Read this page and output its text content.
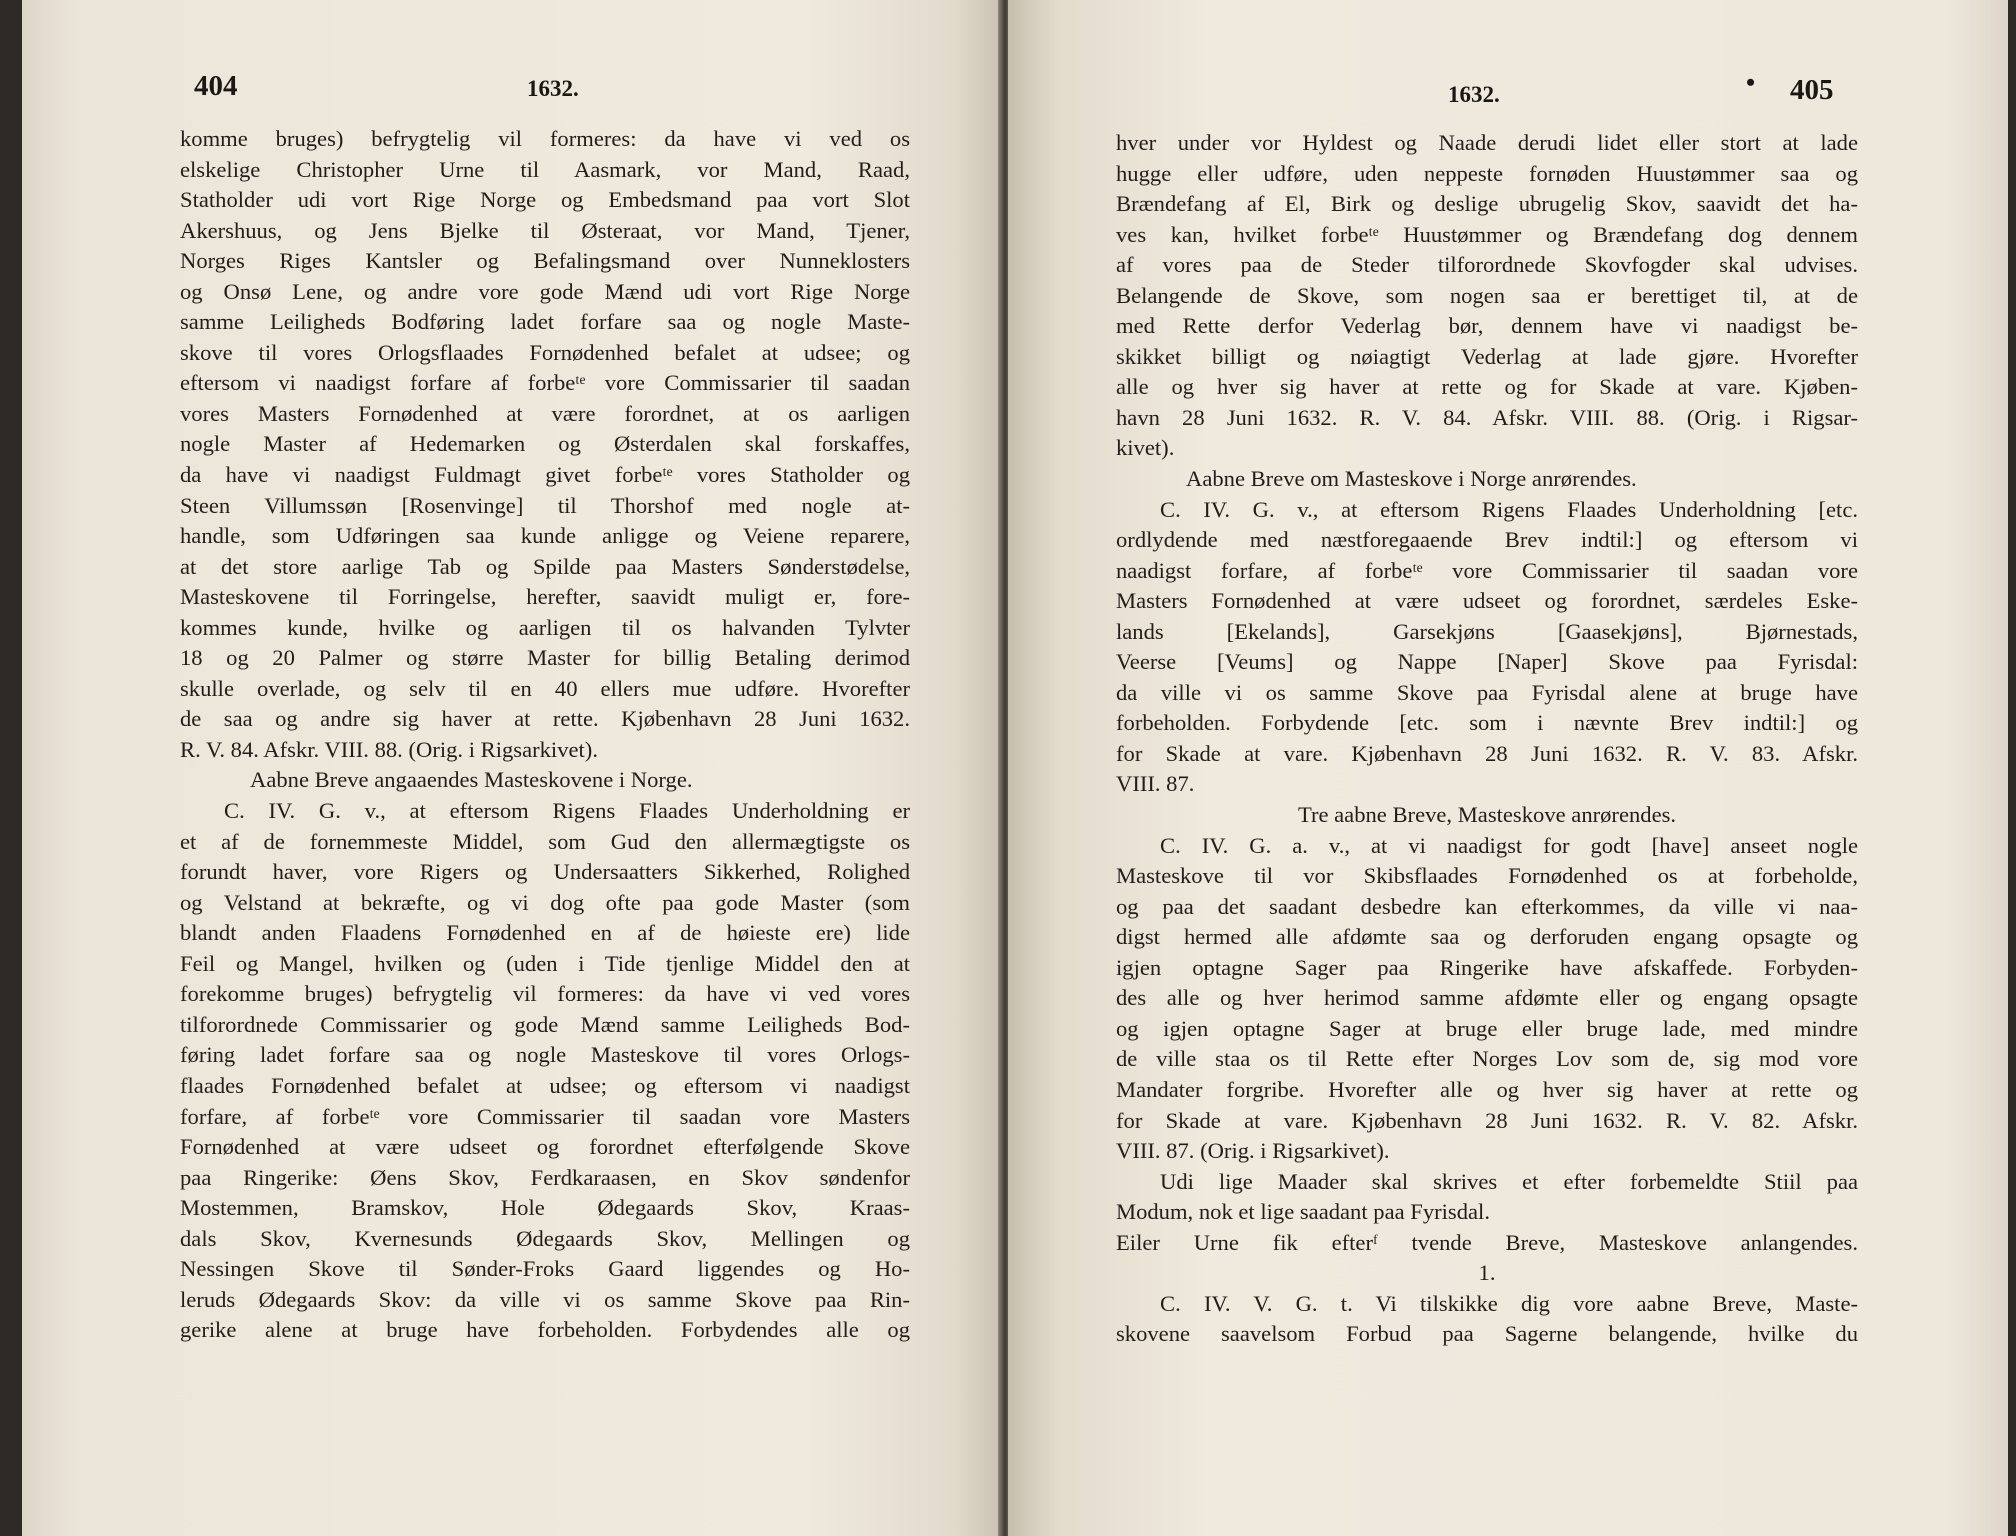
404	1632.
komme bruges) befrygtelig vil formeres: da have vi ved os
elskelige Christopher Urne til Aasmark, vor Mand, Raad,
Statholder udi vort Rige Norge og Embedsmand paa vort Slot
Akershuus, og Jens Bjelke til Østeraat, vor Mand, Tjener,
Norges Riges Kantsler og Befalingsmand over Nunneklosters
og Onsø Lene, og andre vore gode Mænd udi vort Rige Norge
samme Leiligheds Bodføring ladet forfare saa og nogle Maste-
skove til vores Orlogsflaades Fornødenhed befalet at udsee; og
eftersom vi naadigst forfare af forbeᵗᵉ vore Commissarier til saadan
vores Masters Fornødenhed at være forordnet, at os aarligen
nogle Master af Hedemarken og Østerdalen skal forskaffes,
da have vi naadigst Fuldmagt givet forbeᵗᵉ vores Statholder og
Steen Villumssøn [Rosenvinge] til Thorshof med nogle at-
handle, som Udføringen saa kunde anligge og Veiene reparere,
at det store aarlige Tab og Spilde paa Masters Sønderstødelse,
Masteskovene til Forringelse, herefter, saavidt muligt er, fore-
kommes kunde, hvilke og aarligen til os halvanden Tylvter
18 og 20 Palmer og større Master for billig Betaling derimod
skulle overlade, og selv til en 40 ellers mue udføre. Hvorefter
de saa og andre sig haver at rette. Kjøbenhavn 28 Juni 1632.
R. V. 84. Afskr. VIII. 88. (Orig. i Rigsarkivet).
Aabne Breve angaaendes Masteskovene i Norge.
C. IV. G. v., at eftersom Rigens Flaades Underholdning er
et af de fornemmeste Middel, som Gud den allermægtigste os
forundt haver, vore Rigers og Undersaatters Sikkerhed, Rolighed
og Velstand at bekræfte, og vi dog ofte paa gode Master (som
blandt anden Flaadens Fornødenhed en af de høieste ere) lide
Feil og Mangel, hvilken og (uden i Tide tjenlige Middel den at
forekomme bruges) befrygtelig vil formeres: da have vi ved vores
tilforordnede Commissarier og gode Mænd samme Leiligheds Bod-
føring ladet forfare saa og nogle Masteskove til vores Orlogs-
flaades Fornødenhed befalet at udsee; og eftersom vi naadigst
forfare, af forbeᵗᵉ vore Commissarier til saadan vore Masters
Fornødenhed at være udseet og forordnet efterfølgende Skove
paa Ringerike: Øens Skov, Ferdkaraasen, en Skov søndenfor
Mostemmen, Bramskov, Hole Ødegaards Skov, Kraas-
dals Skov, Kvernesunds Ødegaards Skov, Mellingen og
Nessingen Skove til Sønder-Froks Gaard liggendes og Ho-
leruds Ødegaards Skov: da ville vi os samme Skove paa Rin-
gerike alene at bruge have forbeholden. Forbydendes alle og
1632.	• 405
hver under vor Hyldest og Naade derudi lidet eller stort at lade
hugge eller udføre, uden neppeste fornøden Huustømmer saa og
Brændefang af El, Birk og deslige ubrugelig Skov, saavidt det ha-
ves kan, hvilket forbeᵗᵉ Huustømmer og Brændefang dog dennem
af vores paa de Steder tilforordnede Skovfogder skal udvises.
Belangende de Skove, som nogen saa er berettiget til, at de
med Rette derfor Vederlag bør, dennem have vi naadigst be-
skikket billigt og nøiagtigt Vederlag at lade gjøre. Hvorefter
alle og hver sig haver at rette og for Skade at vare. Kjøben-
havn 28 Juni 1632. R. V. 84. Afskr. VIII. 88. (Orig. i Rigsar-
kivet).
Aabne Breve om Masteskove i Norge anrørendes.
C. IV. G. v., at eftersom Rigens Flaades Underholdning [etc.
ordlydende med næstforegaaende Brev indtil:] og eftersom vi
naadigst forfare, af forbeᵗᵉ vore Commissarier til saadan vore
Masters Fornødenhed at være udseet og forordnet, særdeles Eske-
lands [Ekelands], Garsekjøns [Gaasekjøns], Bjørnestads,
Veerse [Veums] og Nappe [Naper] Skove paa Fyrisdal:
da ville vi os samme Skove paa Fyrisdal alene at bruge have
forbeholden. Forbydende [etc. som i nævnte Brev indtil:] og
for Skade at vare. Kjøbenhavn 28 Juni 1632. R. V. 83. Afskr.
VIII. 87.
Tre aabne Breve, Masteskove anrørendes.
C. IV. G. a. v., at vi naadigst for godt [have] anseet nogle
Masteskove til vor Skibsflaades Fornødenhed os at forbeholde,
og paa det saadant desbedre kan efterkommes, da ville vi naa-
digst hermed alle afdømte saa og derforuden engang opsagte og
igjen optagne Sager paa Ringerike have afskaffede. Forbyden-
des alle og hver herimod samme afdømte eller og engang opsagte
og igjen optagne Sager at bruge eller bruge lade, med mindre
de ville staa os til Rette efter Norges Lov som de, sig mod vore
Mandater forgribe. Hvorefter alle og hver sig haver at rette og
for Skade at vare. Kjøbenhavn 28 Juni 1632. R. V. 82. Afskr.
VIII. 87. (Orig. i Rigsarkivet).
Udi lige Maader skal skrives et efter forbemeldte Stiil paa
Modum, nok et lige saadant paa Fyrisdal.
Eiler Urne fik efterᶠ tvende Breve, Masteskove anlangendes.
1.
C. IV. V. G. t. Vi tilskikke dig vore aabne Breve, Maste-
skovene saavelsom Forbud paa Sagerne belangende, hvilke du
